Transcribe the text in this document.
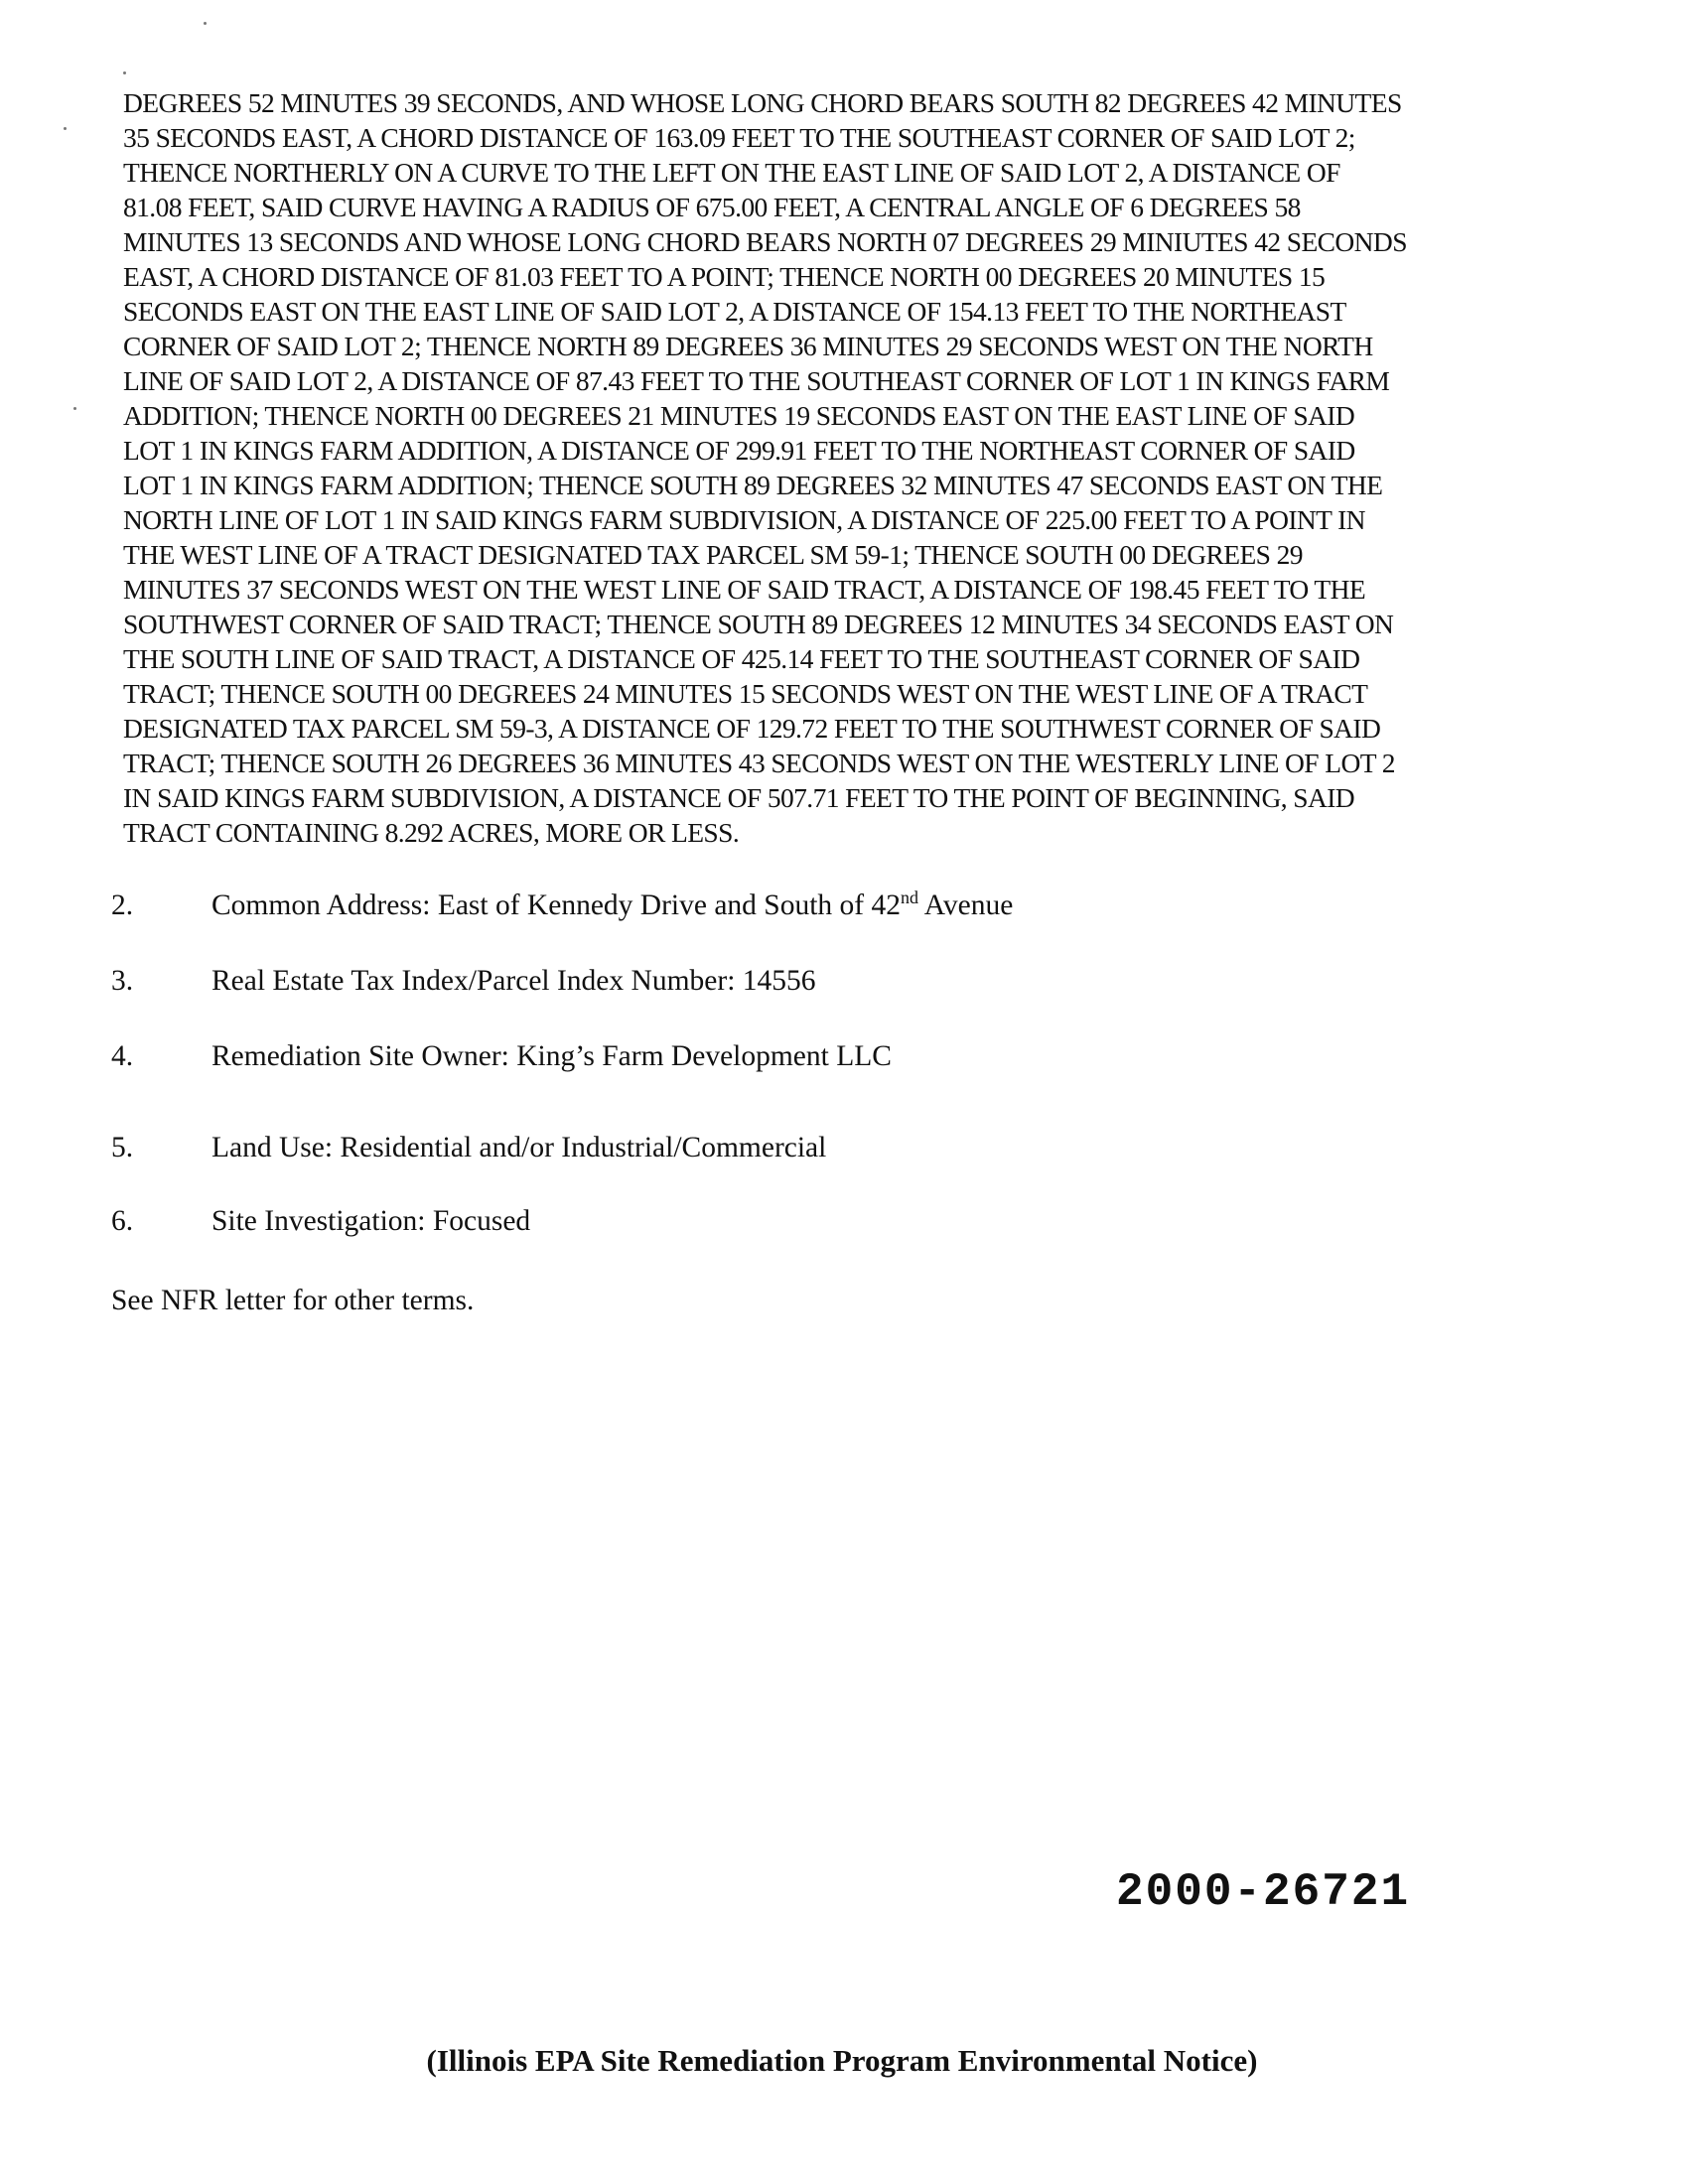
DEGREES 52 MINUTES 39 SECONDS, AND WHOSE LONG CHORD BEARS SOUTH 82 DEGREES 42 MINUTES
35 SECONDS EAST, A CHORD DISTANCE OF 163.09 FEET TO THE SOUTHEAST CORNER OF SAID LOT 2;
THENCE NORTHERLY ON A CURVE TO THE LEFT ON THE EAST LINE OF SAID LOT 2, A DISTANCE OF
81.08 FEET, SAID CURVE HAVING A RADIUS OF 675.00 FEET, A CENTRAL ANGLE OF 6 DEGREES 58
MINUTES 13 SECONDS AND WHOSE LONG CHORD BEARS NORTH 07 DEGREES 29 MINIUTES 42 SECONDS
EAST, A CHORD DISTANCE OF 81.03 FEET TO A POINT; THENCE NORTH 00 DEGREES 20 MINUTES 15
SECONDS EAST ON THE EAST LINE OF SAID LOT 2, A DISTANCE OF 154.13 FEET TO THE NORTHEAST
CORNER OF SAID LOT 2; THENCE NORTH 89 DEGREES 36 MINUTES 29 SECONDS WEST ON THE NORTH
LINE OF SAID LOT 2, A DISTANCE OF 87.43 FEET TO THE SOUTHEAST CORNER OF LOT 1 IN KINGS FARM
ADDITION; THENCE NORTH 00 DEGREES 21 MINUTES 19 SECONDS EAST ON THE EAST LINE OF SAID
LOT 1 IN KINGS FARM ADDITION, A DISTANCE OF 299.91 FEET TO THE NORTHEAST CORNER OF SAID
LOT 1 IN KINGS FARM ADDITION; THENCE SOUTH 89 DEGREES 32 MINUTES 47 SECONDS EAST ON THE
NORTH LINE OF LOT 1 IN SAID KINGS FARM SUBDIVISION, A DISTANCE OF 225.00 FEET TO A POINT IN
THE WEST LINE OF A TRACT DESIGNATED TAX PARCEL SM 59-1; THENCE SOUTH 00 DEGREES 29
MINUTES 37 SECONDS WEST ON THE WEST LINE OF SAID TRACT, A DISTANCE OF 198.45 FEET TO THE
SOUTHWEST CORNER OF SAID TRACT; THENCE SOUTH 89 DEGREES 12 MINUTES 34 SECONDS EAST ON
THE SOUTH LINE OF SAID TRACT, A DISTANCE OF 425.14 FEET TO THE SOUTHEAST CORNER OF SAID
TRACT; THENCE SOUTH 00 DEGREES 24 MINUTES 15 SECONDS WEST ON THE WEST LINE OF A TRACT
DESIGNATED TAX PARCEL SM 59-3, A DISTANCE OF 129.72 FEET TO THE SOUTHWEST CORNER OF SAID
TRACT; THENCE SOUTH 26 DEGREES 36 MINUTES 43 SECONDS WEST ON THE WESTERLY LINE OF LOT 2
IN SAID KINGS FARM SUBDIVISION, A DISTANCE OF 507.71 FEET TO THE POINT OF BEGINNING, SAID
TRACT CONTAINING 8.292 ACRES, MORE OR LESS.
2.	Common Address: East of Kennedy Drive and South of 42nd Avenue
3.	Real Estate Tax Index/Parcel Index Number: 14556
4.	Remediation Site Owner: King’s Farm Development LLC
5.	Land Use: Residential and/or Industrial/Commercial
6.	Site Investigation: Focused
See NFR letter for other terms.
2000-26721
(Illinois EPA Site Remediation Program Environmental Notice)
